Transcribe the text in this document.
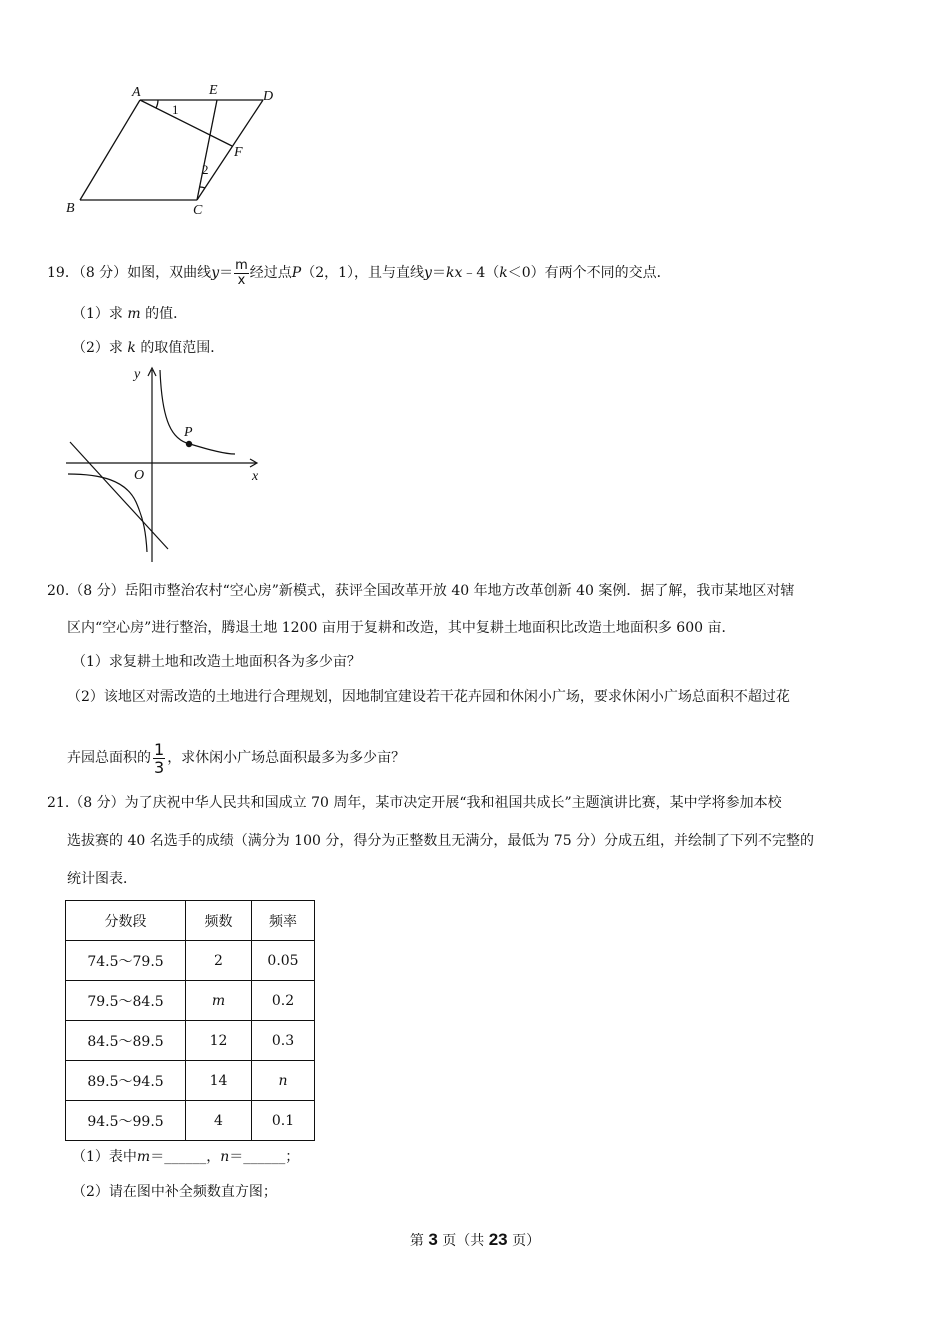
A	E	D
B	C
F
1
2
19．（8 分）如图，双曲线$y= \frac{m}{x}$ 经过点P（2，1），且与直线y＝kx﹣4（k＜0）有两个不同的交点．
（1）求 m 的值．
（2）求 k 的取值范围．
y
x
O
P
20.（8 分）岳阳市整治农村“空心房”新模式，获评全国改革开放 40 年地方改革创新 40 案例．据了解，我市某地区对辖
区内“空心房”进行整治，腾退土地 1200 亩用于复耕和改造，其中复耕土地面积比改造土地面积多 600 亩．
（1）求复耕土地和改造土地面积各为多少亩？
（2）该地区对需改造的土地进行合理规划，因地制宜建设若干花卉园和休闲小广场，要求休闲小广场总面积不超过花
卉园总面积的 $\frac{1}{3}$ ，求休闲小广场总面积最多为多少亩？
21.（8 分）为了庆祝中华人民共和国成立 70 周年，某市决定开展“我和祖国共成长”主题演讲比赛，某中学将参加本校
选拔赛的 40 名选手的成绩（满分为 100 分，得分为正整数且无满分，最低为 75 分）分成五组，并绘制了下列不完整的
统计图表．
分数段	频数	频率
74.5～79.5	2	0.05
79.5～84.5	m	0.2
84.5～89.5	12	0.3
89.5～94.5	14	n
94.5～99.5	4	0.1
（1）表中m＝______，n＝______；
（2）请在图中补全频数直方图；
第 3 页（共 23 页）
